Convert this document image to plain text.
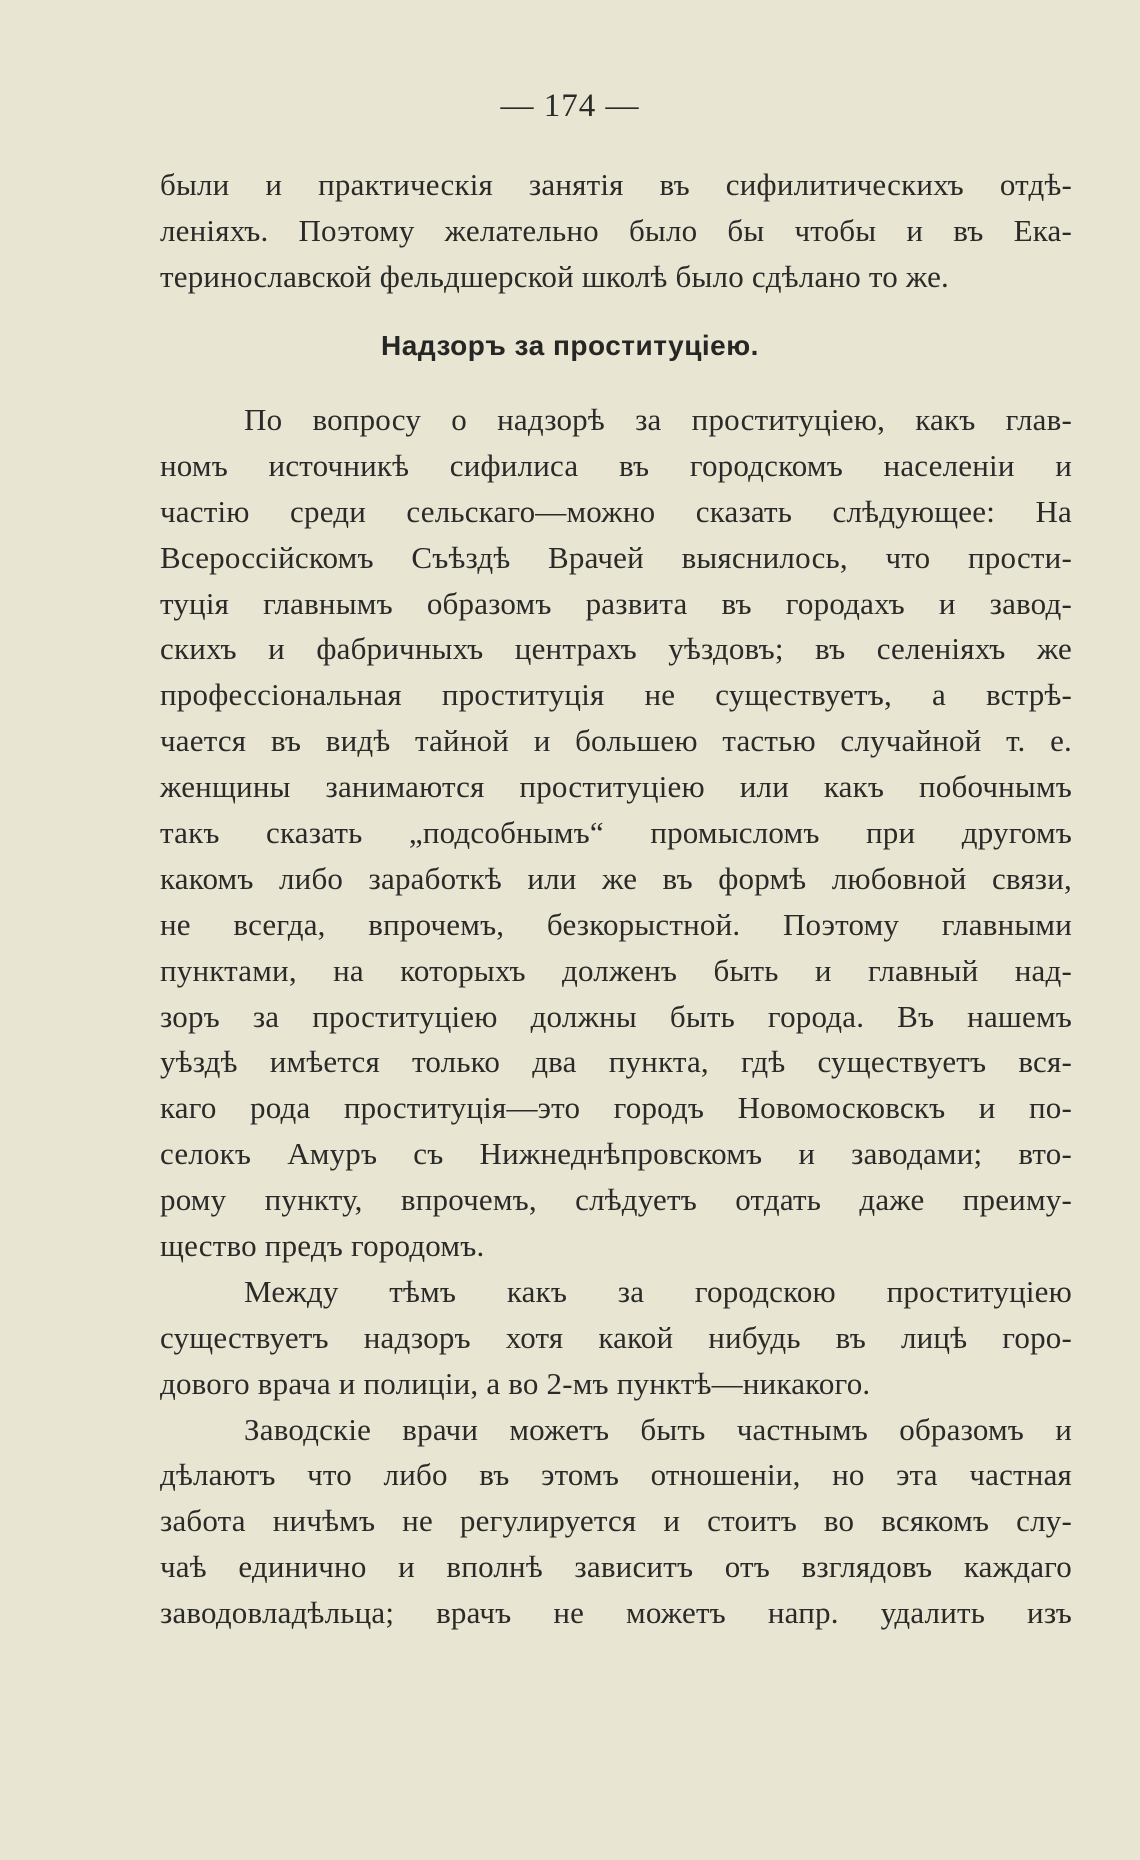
— 174 —
были и практическія занятія въ сифилитическихъ отдѣ-
леніяхъ. Поэтому желательно было бы чтобы и въ Ека-
теринославской фельдшерской школѣ было сдѣлано то же.
Надзоръ за проституціею.
По вопросу о надзорѣ за проституціею, какъ глав-
номъ источникѣ сифилиса въ городскомъ населеніи и
частію среди сельскаго—можно сказать слѣдующее: На
Всероссійскомъ Съѣздѣ Врачей выяснилось, что прости-
туція главнымъ образомъ развита въ городахъ и завод-
скихъ и фабричныхъ центрахъ уѣздовъ; въ селеніяхъ же
профессіональная проституція не существуетъ, а встрѣ-
чается въ видѣ тайной и большею тастью случайной т. е.
женщины занимаются проституціею или какъ побочнымъ
такъ сказать „подсобнымъ“ промысломъ при другомъ
какомъ либо заработкѣ или же въ формѣ любовной связи,
не всегда, впрочемъ, безкорыстной. Поэтому главными
пунктами, на которыхъ долженъ быть и главный над-
зоръ за проституціею должны быть города. Въ нашемъ
уѣздѣ имѣется только два пункта, гдѣ существуетъ вся-
каго рода проституція—это городъ Новомосковскъ и по-
селокъ Амуръ съ Нижнеднѣпровскомъ и заводами; вто-
рому пункту, впрочемъ, слѣдуетъ отдать даже преиму-
щество предъ городомъ.
Между тѣмъ какъ за городскою проституціею
существуетъ надзоръ хотя какой нибудь въ лицѣ горо-
дового врача и полиціи, а во 2-мъ пунктѣ—никакого.
Заводскіе врачи можетъ быть частнымъ образомъ и
дѣлаютъ что либо въ этомъ отношеніи, но эта частная
забота ничѣмъ не регулируется и стоитъ во всякомъ слу-
чаѣ единично и вполнѣ зависитъ отъ взглядовъ каждаго
заводовладѣльца; врачъ не можетъ напр. удалить изъ
